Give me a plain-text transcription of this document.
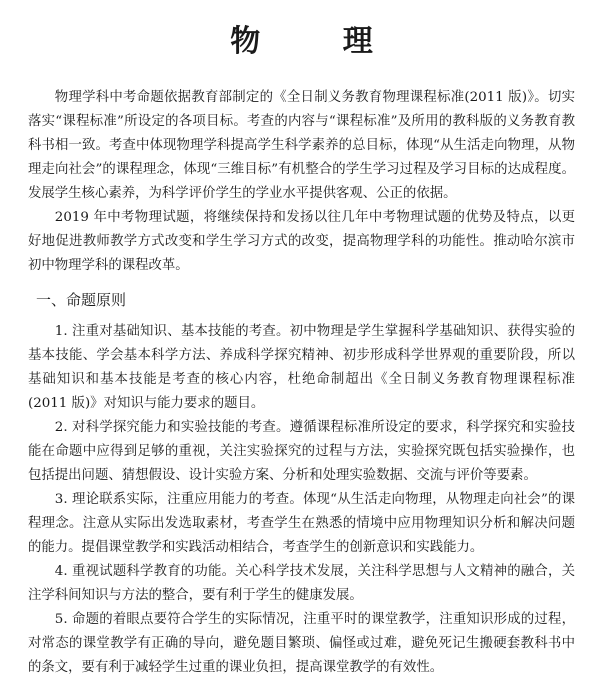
物 理

物理学科中考命题依据教育部制定的《全日制义务教育物理课程标准(2011 版)》。切实落实“课程标准”所设定的各项目标。考查的内容与“课程标准”及所用的教科版的义务教育教科书相一致。考查中体现物理学科提高学生科学素养的总目标，体现“从生活走向物理，从物理走向社会”的课程理念，体现“三维目标”有机整合的学生学习过程及学习目标的达成程度。发展学生核心素养，为科学评价学生的学业水平提供客观、公正的依据。

2019 年中考物理试题，将继续保持和发扬以往几年中考物理试题的优势及特点，以更好地促进教师教学方式改变和学生学习方式的改变，提高物理学科的功能性。推动哈尔滨市初中物理学科的课程改革。

一、命题原则

1. 注重对基础知识、基本技能的考查。初中物理是学生掌握科学基础知识、获得实验的基本技能、学会基本科学方法、养成科学探究精神、初步形成科学世界观的重要阶段，所以基础知识和基本技能是考查的核心内容，杜绝命制超出《全日制义务教育物理课程标准(2011 版)》对知识与能力要求的题目。

2. 对科学探究能力和实验技能的考查。遵循课程标准所设定的要求，科学探究和实验技能在命题中应得到足够的重视，关注实验探究的过程与方法，实验探究既包括实验操作，也包括提出问题、猜想假设、设计实验方案、分析和处理实验数据、交流与评价等要素。

3. 理论联系实际，注重应用能力的考查。体现“从生活走向物理，从物理走向社会”的课程理念。注意从实际出发选取素材，考查学生在熟悉的情境中应用物理知识分析和解决问题的能力。提倡课堂教学和实践活动相结合，考查学生的创新意识和实践能力。

4. 重视试题科学教育的功能。关心科学技术发展，关注科学思想与人文精神的融合，关注学科间知识与方法的整合，要有利于学生的健康发展。

5. 命题的着眼点要符合学生的实际情况，注重平时的课堂教学，注重知识形成的过程，对常态的课堂教学有正确的导向，避免题目繁琐、偏怪或过难，避免死记生搬硬套教科书中的条文，要有利于减轻学生过重的课业负担，提高课堂教学的有效性。
